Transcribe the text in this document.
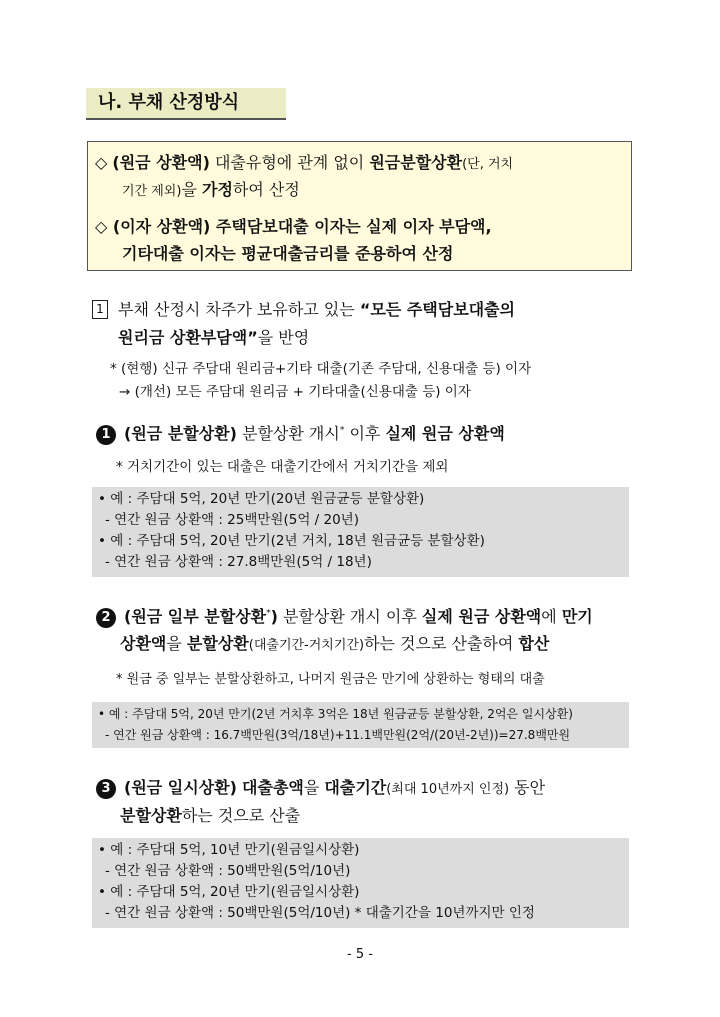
나. 부채 산정방식
◇ (원금 상환액) 대출유형에 관계 없이 원금분할상환(단, 거치
기간 제외)을 가정하여 산정
◇ (이자 상환액) 주택담보대출 이자는 실제 이자 부담액,
기타대출 이자는 평균대출금리를 준용하여 산정
1 부채 산정시 차주가 보유하고 있는 “모든 주택담보대출의
원리금 상환부담액”을 반영
* (현행) 신규 주담대 원리금+기타 대출(기존 주담대, 신용대출 등) 이자
→ (개선) 모든 주담대 원리금 + 기타대출(신용대출 등) 이자
1 (원금 분할상환) 분할상환 개시* 이후 실제 원금 상환액
* 거치기간이 있는 대출은 대출기간에서 거치기간을 제외
• 예 : 주담대 5억, 20년 만기(20년 원금균등 분할상환)
- 연간 원금 상환액 : 25백만원(5억 / 20년)
• 예 : 주담대 5억, 20년 만기(2년 거치, 18년 원금균등 분할상환)
- 연간 원금 상환액 : 27.8백만원(5억 / 18년)
2 (원금 일부 분할상환*) 분할상환 개시 이후 실제 원금 상환액에 만기
상환액을 분할상환(대출기간-거치기간)하는 것으로 산출하여 합산
* 원금 중 일부는 분할상환하고, 나머지 원금은 만기에 상환하는 형태의 대출
• 예 : 주담대 5억, 20년 만기(2년 거치후 3억은 18년 원금균등 분할상환, 2억은 일시상환)
- 연간 원금 상환액 : 16.7백만원(3억/18년)+11.1백만원(2억/(20년-2년))=27.8백만원
3 (원금 일시상환) 대출총액을 대출기간(최대 10년까지 인정) 동안
분할상환하는 것으로 산출
• 예 : 주담대 5억, 10년 만기(원금일시상환)
- 연간 원금 상환액 : 50백만원(5억/10년)
• 예 : 주담대 5억, 20년 만기(원금일시상환)
- 연간 원금 상환액 : 50백만원(5억/10년) * 대출기간을 10년까지만 인정
- 5 -
